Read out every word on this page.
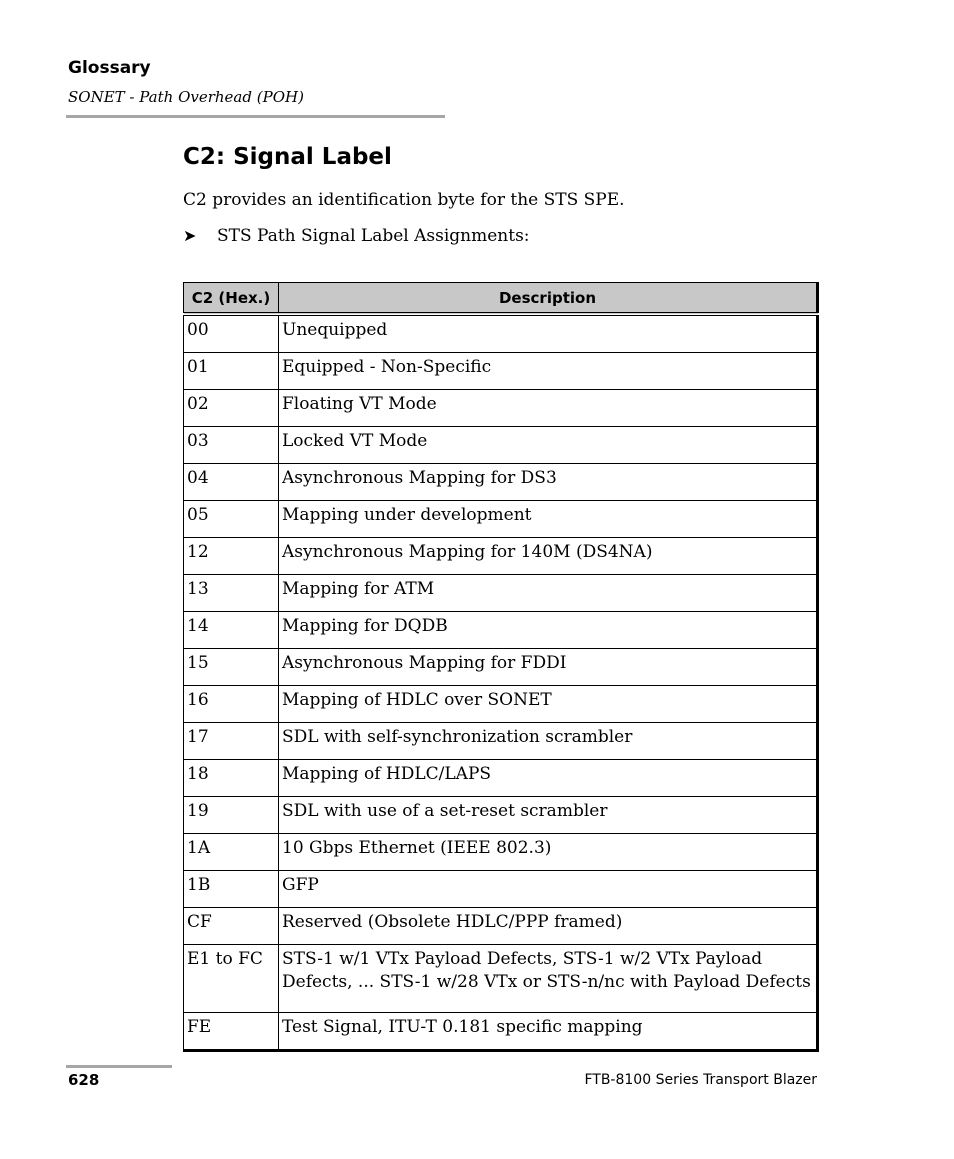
Glossary
SONET - Path Overhead (POH)
C2: Signal Label
C2 provides an identification byte for the STS SPE.
➤ STS Path Signal Label Assignments:
C2 (Hex.)	Description
00	Unequipped
01	Equipped - Non-Specific
02	Floating VT Mode
03	Locked VT Mode
04	Asynchronous Mapping for DS3
05	Mapping under development
12	Asynchronous Mapping for 140M (DS4NA)
13	Mapping for ATM
14	Mapping for DQDB
15	Asynchronous Mapping for FDDI
16	Mapping of HDLC over SONET
17	SDL with self-synchronization scrambler
18	Mapping of HDLC/LAPS
19	SDL with use of a set-reset scrambler
1A	10 Gbps Ethernet (IEEE 802.3)
1B	GFP
CF	Reserved (Obsolete HDLC/PPP framed)
E1 to FC	STS-1 w/1 VTx Payload Defects, STS-1 w/2 VTx Payload Defects, ... STS-1 w/28 VTx or STS-n/nc with Payload Defects
FE	Test Signal, ITU-T 0.181 specific mapping
628	FTB-8100 Series Transport Blazer
